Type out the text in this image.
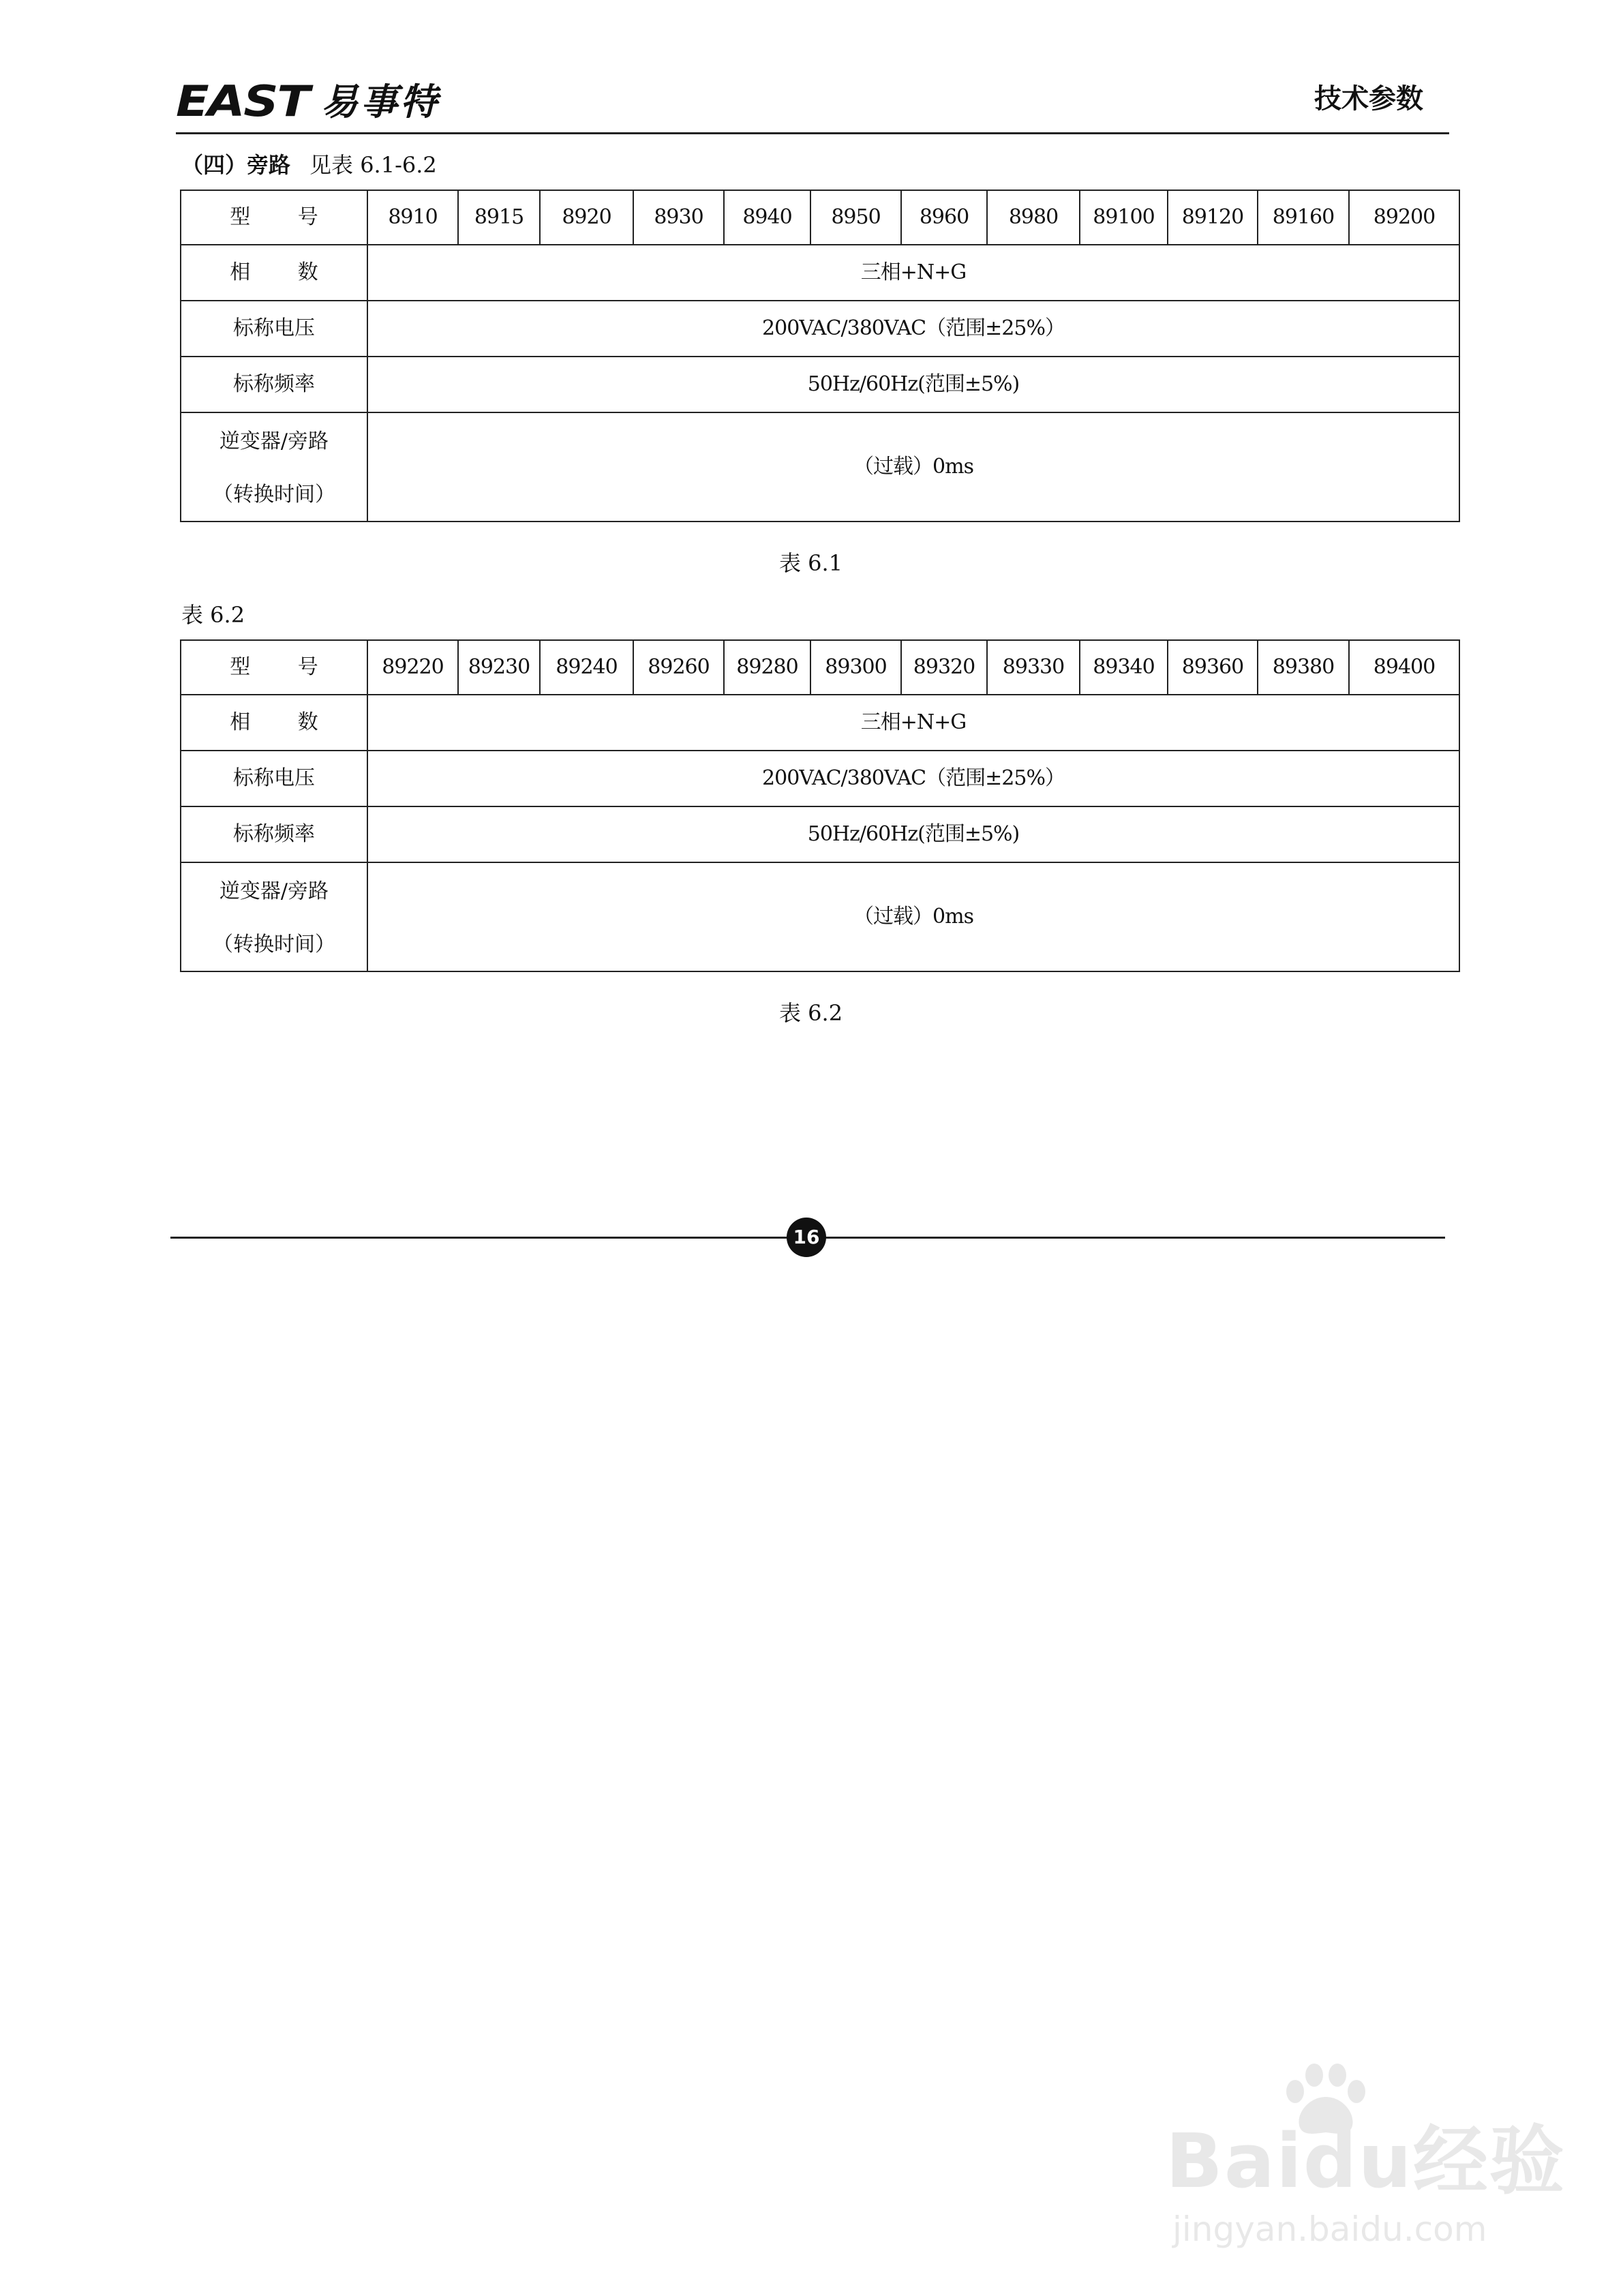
EAST 易事特	技术参数
（四）旁路 见表 6.1-6.2
型 号	8910	8915	8920	8930	8940	8950	8960	8980	89100	89120	89160	89200
相 数	三相+N+G											
标称电压	200VAC/380VAC（范围±25%）											
标称频率	50Hz/60Hz(范围±5%)											

逆变器/旁路
（转换时间）	（过载）0ms											
表 6.1
表 6.2
型 号	89220	89230	89240	89260	89280	89300	89320	89330	89340	89360	89380	89400
相 数	三相+N+G											
标称电压	200VAC/380VAC（范围±25%）											
标称频率	50Hz/60Hz(范围±5%)											

逆变器/旁路
（转换时间）	（过载）0ms											
表 6.2
16
Baidu经验
jingyan.baidu.com
